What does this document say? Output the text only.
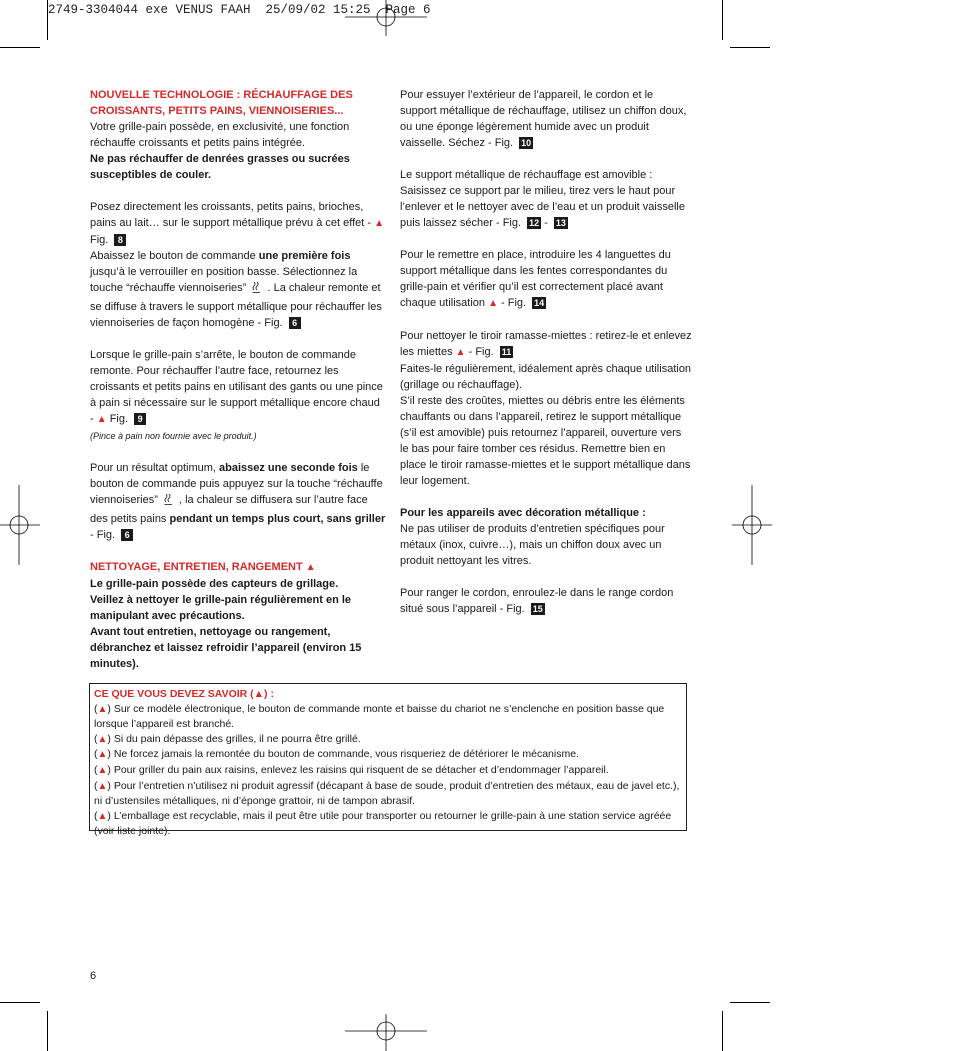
2749-3304044 exe VENUS FAAH  25/09/02 15:25  Page 6

NOUVELLE TECHNOLOGIE : RÉCHAUFFAGE DES CROISSANTS, PETITS PAINS, VIENNOISERIES...

Votre grille-pain possède, en exclusivité, une fonction réchauffe croissants et petits pains intégrée.

Ne pas réchauffer de denrées grasses ou sucrées susceptibles de couler.

Posez directement les croissants, petits pains, brioches, pains au lait… sur le support métallique prévu à cet effet - ▲ Fig. 8

Abaissez le bouton de commande une première fois jusqu’à le verrouiller en position basse. Sélectionnez la touche “réchauffe viennoiseries” . La chaleur remonte et se diffuse à travers le support métallique pour réchauffer les viennoiseries de façon homogène - Fig. 6

Lorsque le grille-pain s’arrête, le bouton de commande remonte. Pour réchauffer l’autre face, retournez les croissants et petits pains en utilisant des gants ou une pince à pain si nécessaire sur le support métallique encore chaud - ▲ Fig. 9

(Pince à pain non fournie avec le produit.)

Pour un résultat optimum, abaissez une seconde fois le bouton de commande puis appuyez sur la touche “réchauffe viennoiseries” , la chaleur se diffusera sur l’autre face des petits pains pendant un temps plus court, sans griller - Fig. 6

NETTOYAGE, ENTRETIEN, RANGEMENT ▲

Le grille-pain possède des capteurs de grillage.

Veillez à nettoyer le grille-pain régulièrement en le manipulant avec précautions.

Avant tout entretien, nettoyage ou rangement, débranchez et laissez refroidir l’appareil (environ 15 minutes).

Pour essuyer l’extérieur de l’appareil, le cordon et le support métallique de réchauffage, utilisez un chiffon doux, ou une éponge légèrement humide avec un produit vaisselle. Séchez - Fig. 10

Le support métallique de réchauffage est amovible : Saisissez ce support par le milieu, tirez vers le haut pour l’enlever et le nettoyer avec de l’eau et un produit vaisselle puis laissez sécher - Fig. 12 - 13

Pour le remettre en place, introduire les 4 languettes du support métallique dans les fentes correspondantes du grille-pain et vérifier qu’il est correctement placé avant chaque utilisation ▲ - Fig. 14

Pour nettoyer le tiroir ramasse-miettes : retirez-le et enlevez les miettes ▲ - Fig. 11

Faites-le régulièrement, idéalement après chaque utilisation (grillage ou réchauffage).

S’il reste des croûtes, miettes ou débris entre les éléments chauffants ou dans l’appareil, retirez le support métallique (s’il est amovible) puis retournez l’appareil, ouverture vers le bas pour faire tomber ces résidus. Remettre bien en place le tiroir ramasse-miettes et le support métallique dans leur logement.

Pour les appareils avec décoration métallique :

Ne pas utiliser de produits d’entretien spécifiques pour métaux (inox, cuivre…), mais un chiffon doux avec un produit nettoyant les vitres.

Pour ranger le cordon, enroulez-le dans le range cordon situé sous l’appareil - Fig. 15

CE QUE VOUS DEVEZ SAVOIR (▲) :

(▲) Sur ce modèle électronique, le bouton de commande monte et baisse du chariot ne s’enclenche en position basse que lorsque l’appareil est branché.

(▲) Si du pain dépasse des grilles, il ne pourra être grillé.

(▲) Ne forcez jamais la remontée du bouton de commande, vous risqueriez de détériorer le mécanisme.

(▲) Pour griller du pain aux raisins, enlevez les raisins qui risquent de se détacher et d’endommager l’appareil.

(▲) Pour l’entretien n’utilisez ni produit agressif (décapant à base de soude, produit d’entretien des métaux, eau de javel etc.), ni d’ustensiles métalliques, ni d’éponge grattoir, ni de tampon abrasif.

(▲) L’emballage est recyclable, mais il peut être utile pour transporter ou retourner le grille-pain à une station service agréée (voir liste jointe).

6
